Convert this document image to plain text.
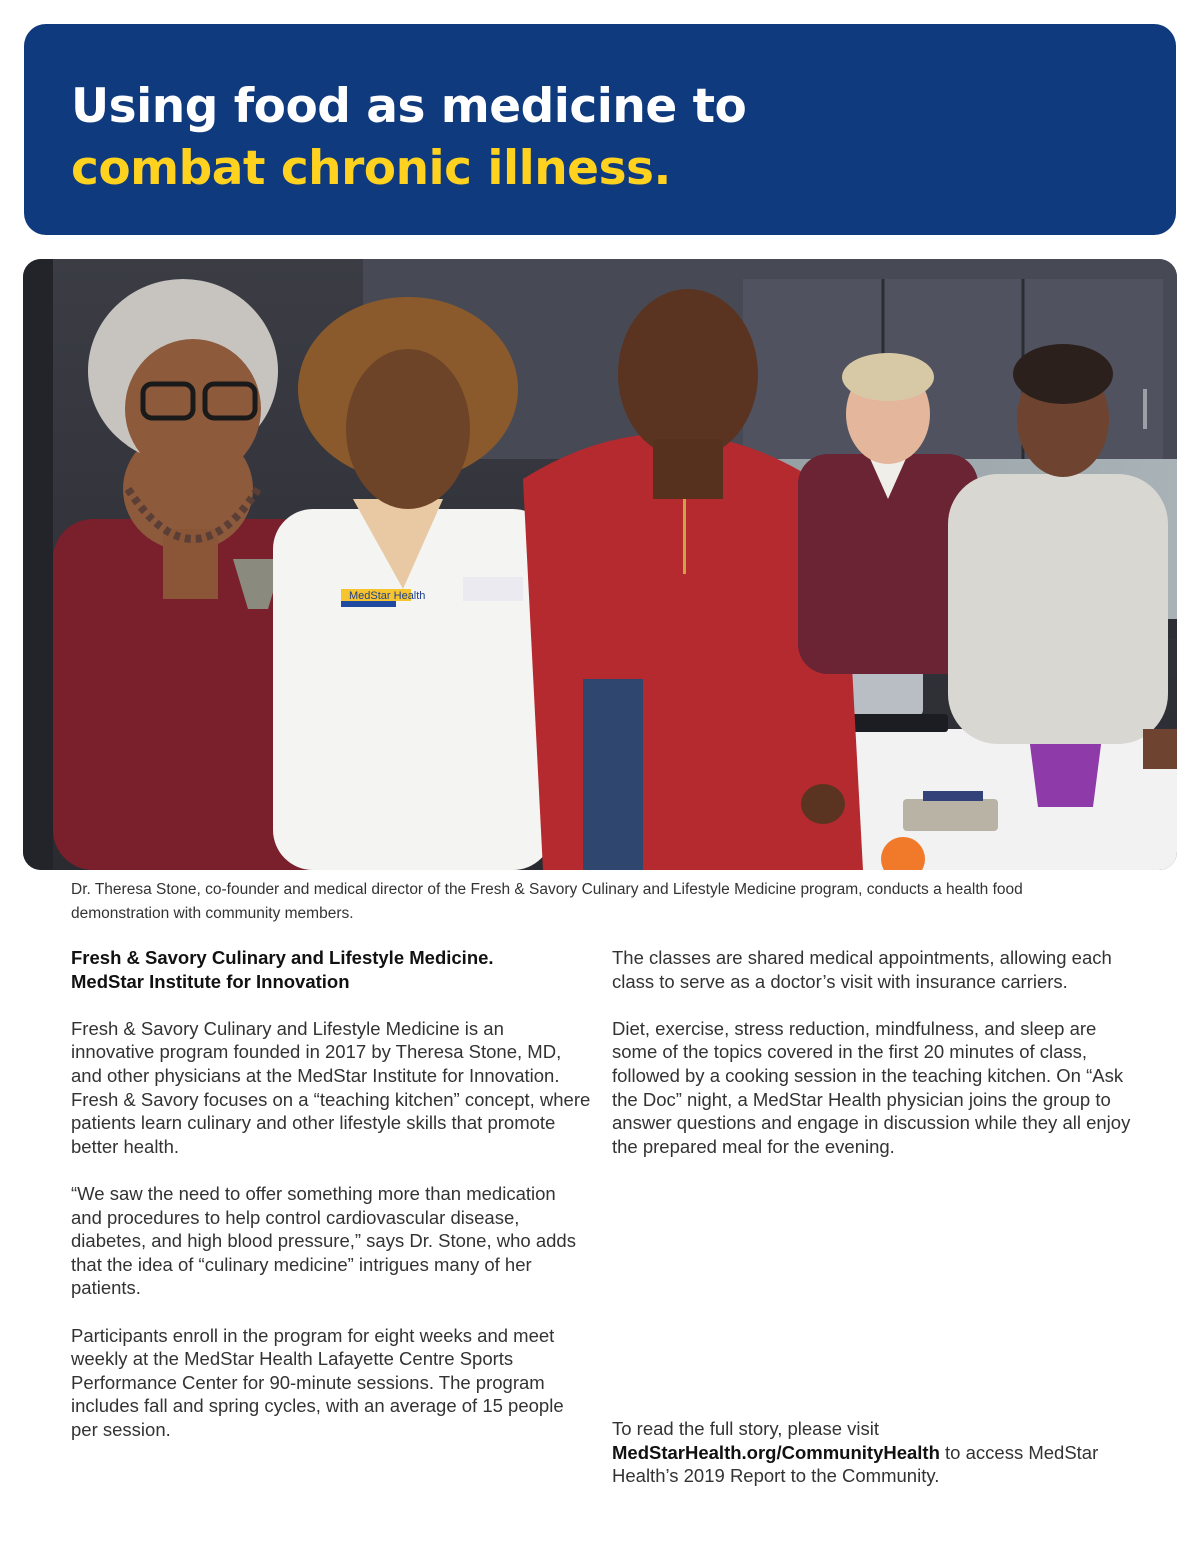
Using food as medicine to
combat chronic illness.
MedStar Health
Dr. Theresa Stone, co-founder and medical director of the Fresh & Savory Culinary and Lifestyle Medicine program, conducts a health food demonstration with community members.

Fresh & Savory Culinary and Lifestyle Medicine.
MedStar Institute for Innovation

Fresh & Savory Culinary and Lifestyle Medicine is an innovative program founded in 2017 by Theresa Stone, MD, and other physicians at the MedStar Institute for Innovation. Fresh & Savory focuses on a “teaching kitchen” concept, where patients learn culinary and other lifestyle skills that promote better health.

“We saw the need to offer something more than medication and procedures to help control cardiovascular disease, diabetes, and high blood pressure,” says Dr. Stone, who adds that the idea of “culinary medicine” intrigues many of her patients.

Participants enroll in the program for eight weeks and meet weekly at the MedStar Health Lafayette Centre Sports Performance Center for 90-minute sessions. The program includes fall and spring cycles, with an average of 15 people per session.

The classes are shared medical appointments, allowing each class to serve as a doctor’s visit with insurance carriers.

Diet, exercise, stress reduction, mindfulness, and sleep are some of the topics covered in the first 20 minutes of class, followed by a cooking session in the teaching kitchen. On “Ask the Doc” night, a MedStar Health physician joins the group to answer questions and engage in discussion while they all enjoy the prepared meal for the evening.

To read the full story, please visit
MedStarHealth.org/CommunityHealth to access MedStar Health’s 2019 Report to the Community.
